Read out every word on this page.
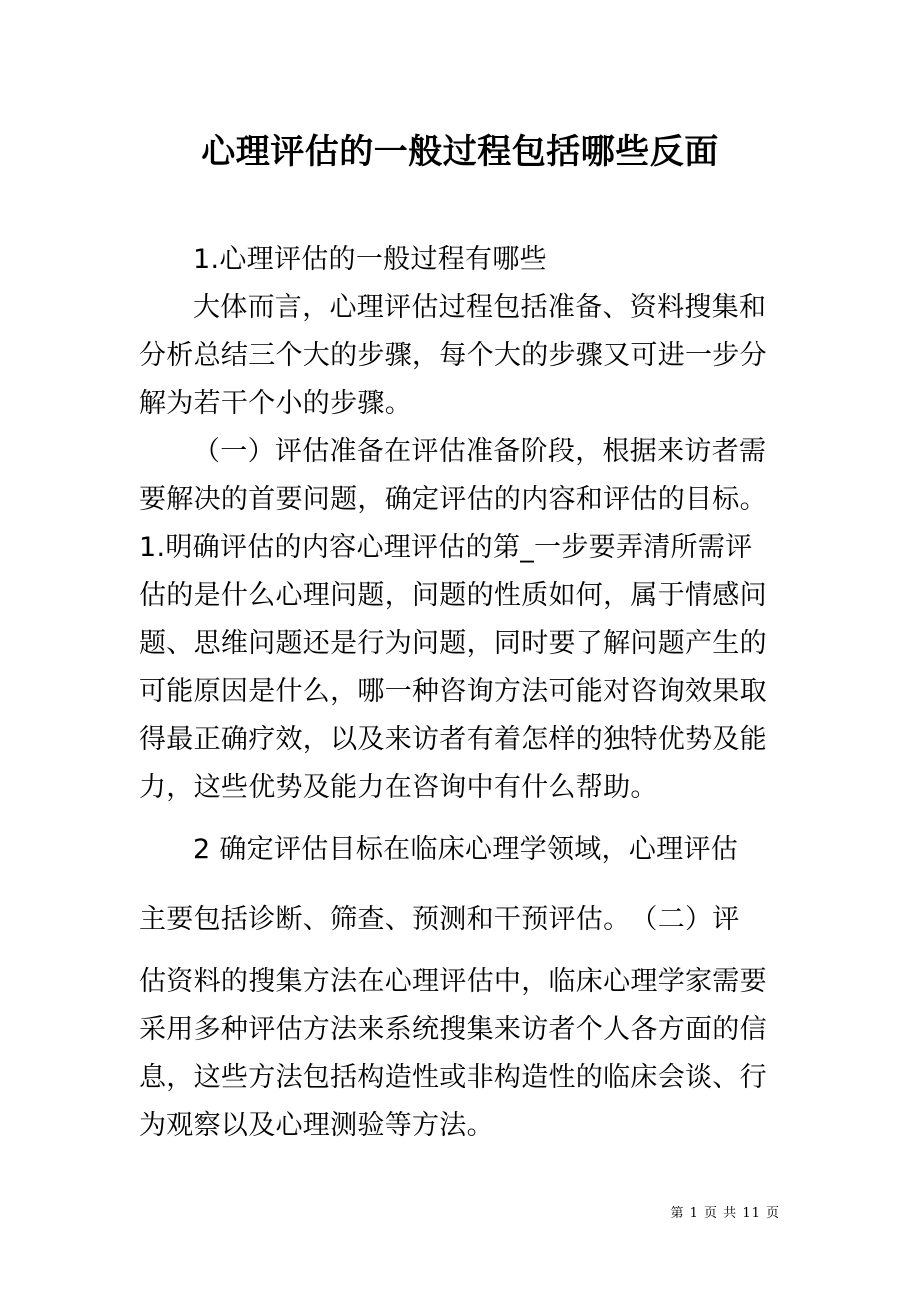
心理评估的一般过程包括哪些反面
1.心理评估的一般过程有哪些
大体而言，心理评估过程包括准备、资料搜集和
分析总结三个大的步骤，每个大的步骤又可进一步分
解为若干个小的步骤。
（一）评估准备在评估准备阶段，根据来访者需
要解决的首要问题，确定评估的内容和评估的目标。
1.明确评估的内容心理评估的第_一步要弄清所需评
估的是什么心理问题，问题的性质如何，属于情感问
题、思维问题还是行为问题，同时要了解问题产生的
可能原因是什么，哪一种咨询方法可能对咨询效果取
得最正确疗效，以及来访者有着怎样的独特优势及能
力，这些优势及能力在咨询中有什么帮助。
￼2 确定评估目标在临床心理学领域，心理评估
主要包括诊断、筛查、预测和干预评估。￼（二）评
估资料的搜集方法在心理评估中，临床心理学家需要
采用多种评估方法来系统搜集来访者个人各方面的信
息，这些方法包括构造性或非构造性的临床会谈、行
为观察以及心理测验等方法。
第 1 页 共 11 页
